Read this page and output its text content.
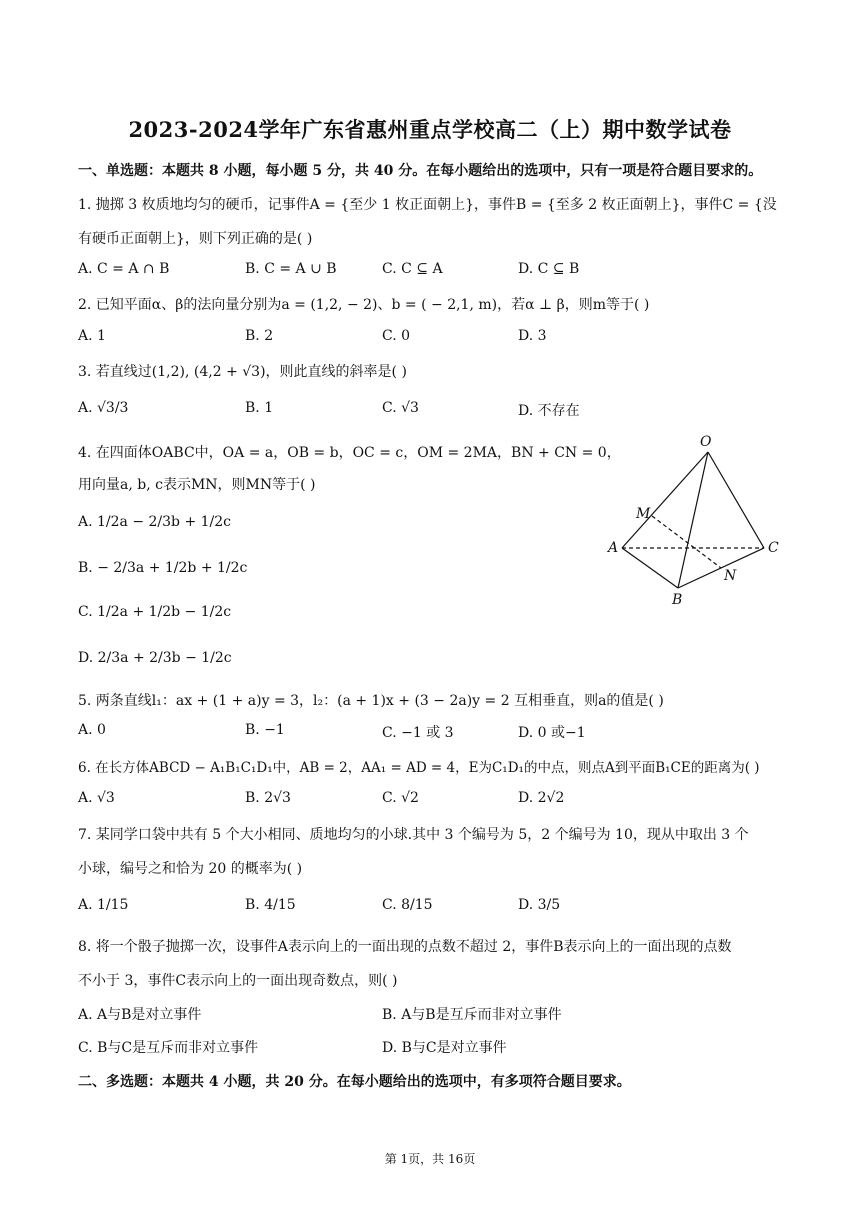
2023-2024学年广东省惠州重点学校高二（上）期中数学试卷
一、单选题：本题共 8 小题，每小题 5 分，共 40 分。在每小题给出的选项中，只有一项是符合题目要求的。
1. 抛掷 3 枚质地均匀的硬币，记事件A = {至少 1 枚正面朝上}，事件B = {至多 2 枚正面朝上}，事件C = {没
有硬币正面朝上}，则下列正确的是( )
A. C = A ∩ B	B. C = A ∪ B	C. C ⊆ A	D. C ⊆ B
2. 已知平面α、β的法向量分别为a = (1,2, − 2)、b = ( − 2,1, m)，若α ⊥ β，则m等于( )
A. 1	B. 2	C. 0	D. 3
3. 若直线过(1,2), (4,2 + √3)，则此直线的斜率是( )
A. √3/3	B. 1	C. √3	D. 不存在
4. 在四面体OABC中，OA = a，OB = b，OC = c，OM = 2MA，BN + CN = 0，
用向量a, b, c表示MN，则MN等于( )
A. 1/2a − 2/3b + 1/2c
B. − 2/3a + 1/2b + 1/2c
C. 1/2a + 1/2b − 1/2c
D. 2/3a + 2/3b − 1/2c
O
M
A	C
N
B
5. 两条直线l₁：ax + (1 + a)y = 3，l₂：(a + 1)x + (3 − 2a)y = 2 互相垂直，则a的值是( )
A. 0	B. −1	C. −1 或 3	D. 0 或−1
6. 在长方体ABCD − A₁B₁C₁D₁中，AB = 2，AA₁ = AD = 4，E为C₁D₁的中点，则点A到平面B₁CE的距离为( )
A. √3	B. 2√3	C. √2	D. 2√2
7. 某同学口袋中共有 5 个大小相同、质地均匀的小球.其中 3 个编号为 5，2 个编号为 10，现从中取出 3 个
小球，编号之和恰为 20 的概率为( )
A. 1/15	B. 4/15	C. 8/15	D. 3/5
8. 将一个骰子抛掷一次，设事件A表示向上的一面出现的点数不超过 2，事件B表示向上的一面出现的点数
不小于 3，事件C表示向上的一面出现奇数点，则( )
A. A与B是对立事件	B. A与B是互斥而非对立事件
C. B与C是互斥而非对立事件	D. B与C是对立事件
二、多选题：本题共 4 小题，共 20 分。在每小题给出的选项中，有多项符合题目要求。
第 1页，共 16页
